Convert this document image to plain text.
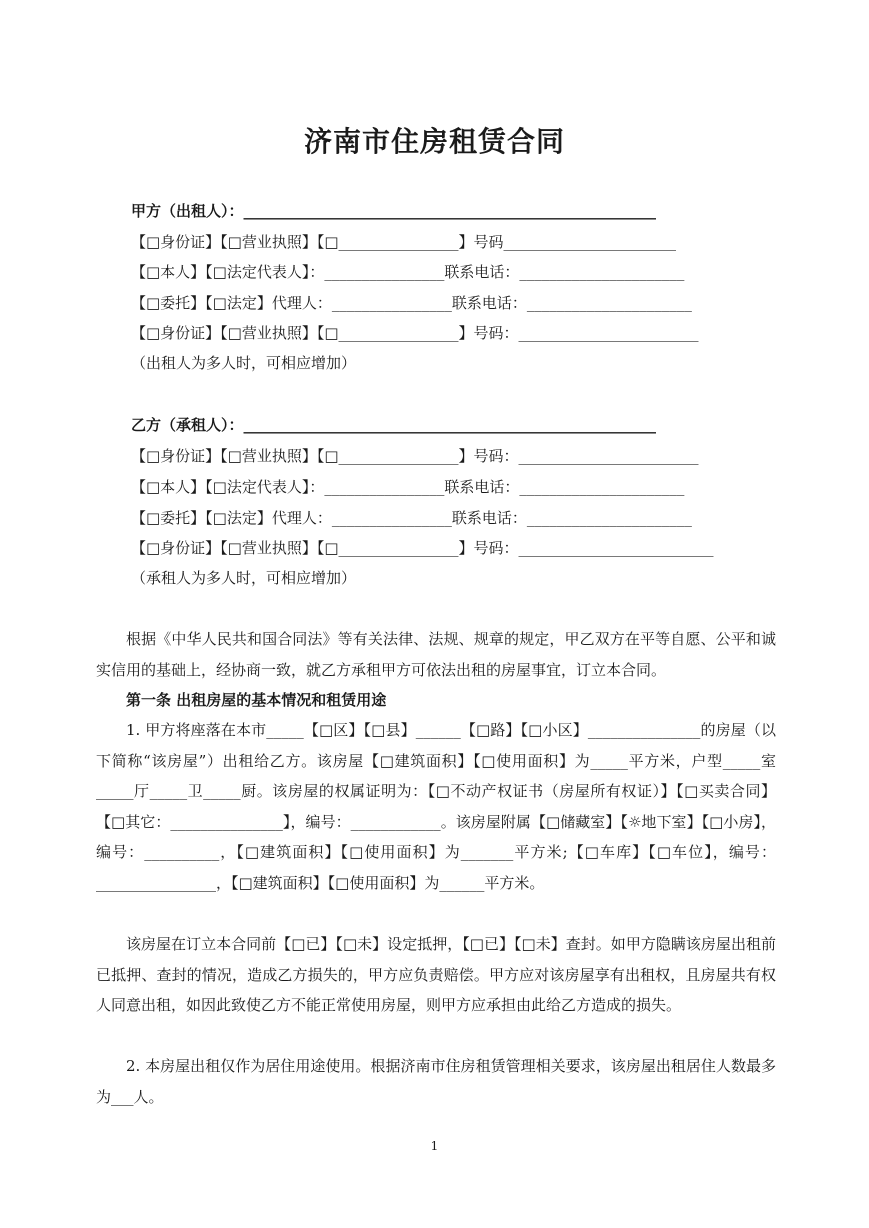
济南市住房租赁合同
甲方（出租人）：_______________________________________________________
【□身份证】【□营业执照】【□________________】号码_______________________
【□本人】【□法定代表人】：________________联系电话：______________________
【□委托】【□法定】代理人：________________联系电话：______________________
【□身份证】【□营业执照】【□________________】号码：________________________
（出租人为多人时，可相应增加）
乙方（承租人）：_______________________________________________________
【□身份证】【□营业执照】【□________________】号码：________________________
【□本人】【□法定代表人】：________________联系电话：______________________
【□委托】【□法定】代理人：________________联系电话：______________________
【□身份证】【□营业执照】【□________________】号码：__________________________
（承租人为多人时，可相应增加）
根据《中华人民共和国合同法》等有关法律、法规、规章的规定，甲乙双方在平等自愿、公平和诚实信用的基础上，经协商一致，就乙方承租甲方可依法出租的房屋事宜，订立本合同。
第一条 出租房屋的基本情况和租赁用途
1. 甲方将座落在本市_____【□区】【□县】______【□路】【□小区】_______________的房屋（以下简称“该房屋”）出租给乙方。该房屋【□建筑面积】【□使用面积】为_____平方米，户型_____室_____厅_____卫_____厨。该房屋的权属证明为：【□不动产权证书（房屋所有权证）】【□买卖合同】【□其它：_______________】，编号：____________。该房屋附属【□储藏室】【☼地下室】【□小房】，编号：__________，【□建筑面积】【□使用面积】为_______平方米;【□车库】【□车位】，编号：________________，【□建筑面积】【□使用面积】为______平方米。
该房屋在订立本合同前【□已】【□未】设定抵押，【□已】【□未】查封。如甲方隐瞒该房屋出租前已抵押、查封的情况，造成乙方损失的，甲方应负责赔偿。甲方应对该房屋享有出租权，且房屋共有权人同意出租，如因此致使乙方不能正常使用房屋，则甲方应承担由此给乙方造成的损失。
2. 本房屋出租仅作为居住用途使用。根据济南市住房租赁管理相关要求，该房屋出租居住人数最多为___人。
1
